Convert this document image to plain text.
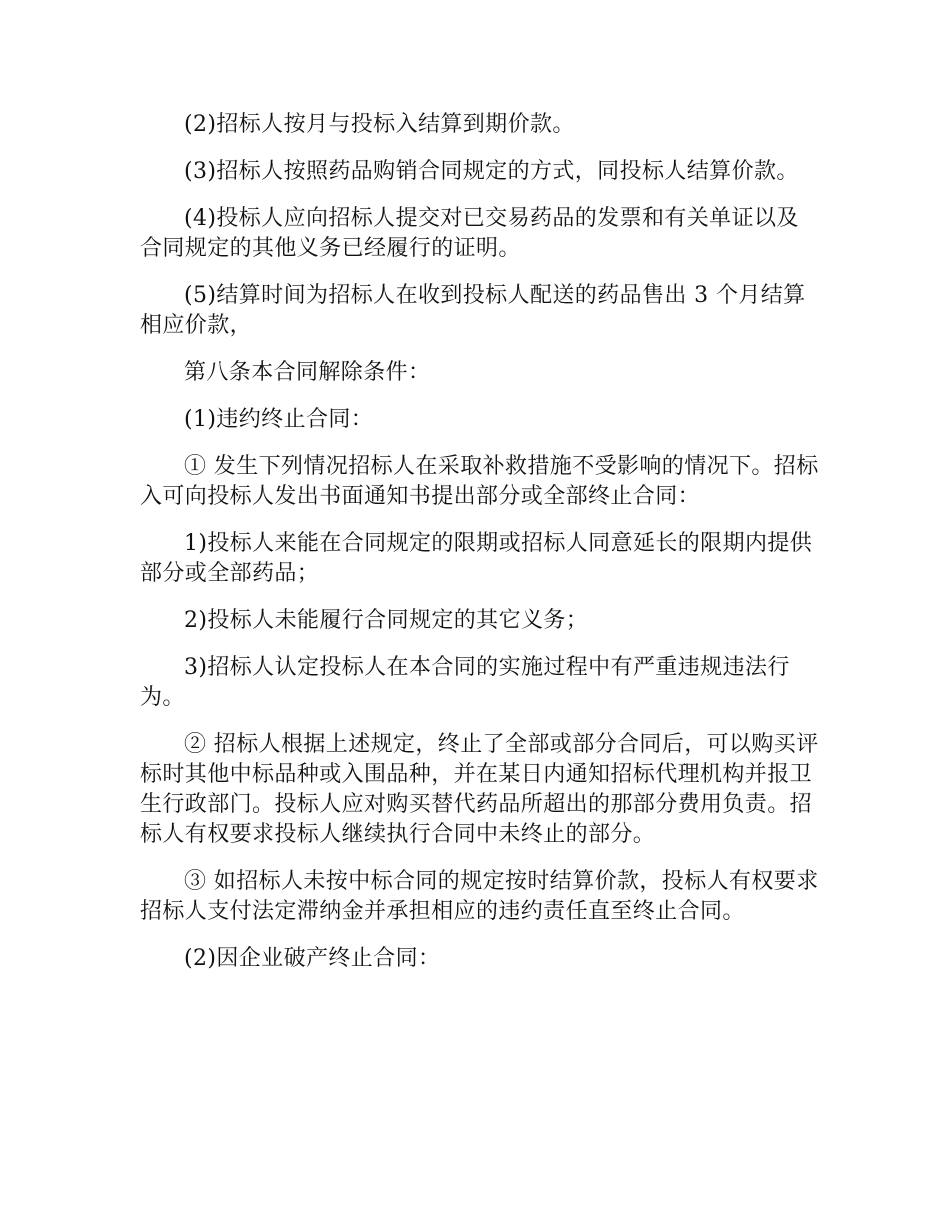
(2)招标人按月与投标入结算到期价款。

(3)招标人按照药品购销合同规定的方式，同投标人结算价款。

(4)投标人应向招标人提交对已交易药品的发票和有关单证以及合同规定的其他义务已经履行的证明。

(5)结算时间为招标人在收到投标人配送的药品售出 3 个月结算相应价款，

第八条本合同解除条件：

(1)违约终止合同：

① 发生下列情况招标人在采取补救措施不受影响的情况下。招标入可向投标人发出书面通知书提出部分或全部终止合同：

1)投标人来能在合同规定的限期或招标人同意延长的限期内提供部分或全部药品；

2)投标人未能履行合同规定的其它义务；

3)招标人认定投标人在本合同的实施过程中有严重违规违法行为。

② 招标人根据上述规定，终止了全部或部分合同后，可以购买评标时其他中标品种或入围品种，并在某日内通知招标代理机构并报卫生行政部门。投标人应对购买替代药品所超出的那部分费用负责。招标人有权要求投标人继续执行合同中未终止的部分。

③ 如招标人未按中标合同的规定按时结算价款，投标人有权要求招标人支付法定滞纳金并承担相应的违约责任直至终止合同。

(2)因企业破产终止合同：
